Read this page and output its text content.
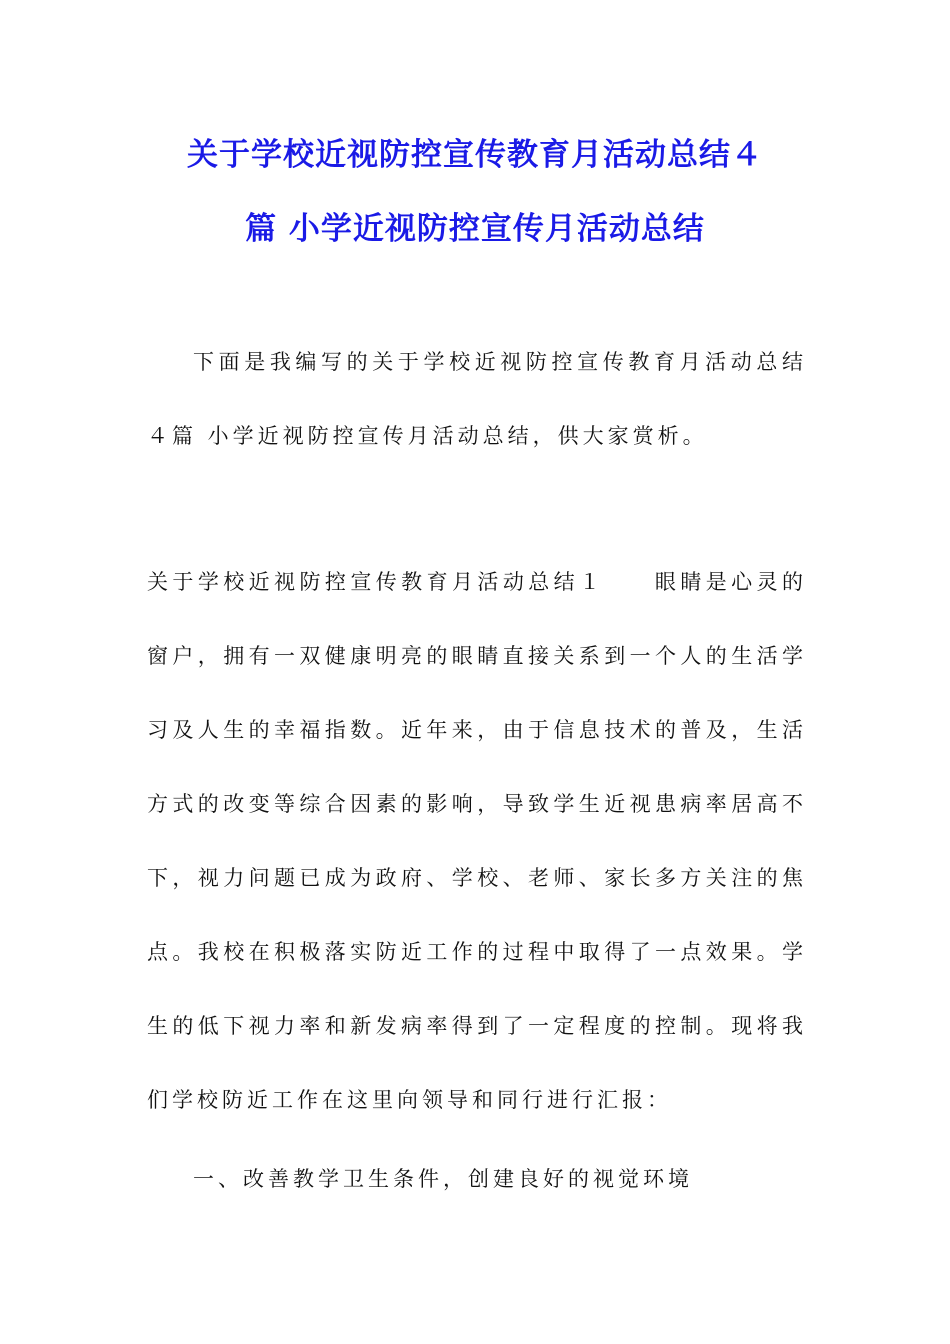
关于学校近视防控宣传教育月活动总结４
篇 小学近视防控宣传月活动总结

下面是我编写的关于学校近视防控宣传教育月活动总结４篇 小学近视防控宣传月活动总结，供大家赏析。

关于学校近视防控宣传教育月活动总结１ 眼睛是心灵的窗户，拥有一双健康明亮的眼睛直接关系到一个人的生活学习及人生的幸福指数。近年来，由于信息技术的普及，生活方式的改变等综合因素的影响，导致学生近视患病率居高不下，视力问题已成为政府、学校、老师、家长多方关注的焦点。我校在积极落实防近工作的过程中取得了一点效果。学生的低下视力率和新发病率得到了一定程度的控制。现将我们学校防近工作在这里向领导和同行进行汇报：

一、改善教学卫生条件，创建良好的视觉环境
